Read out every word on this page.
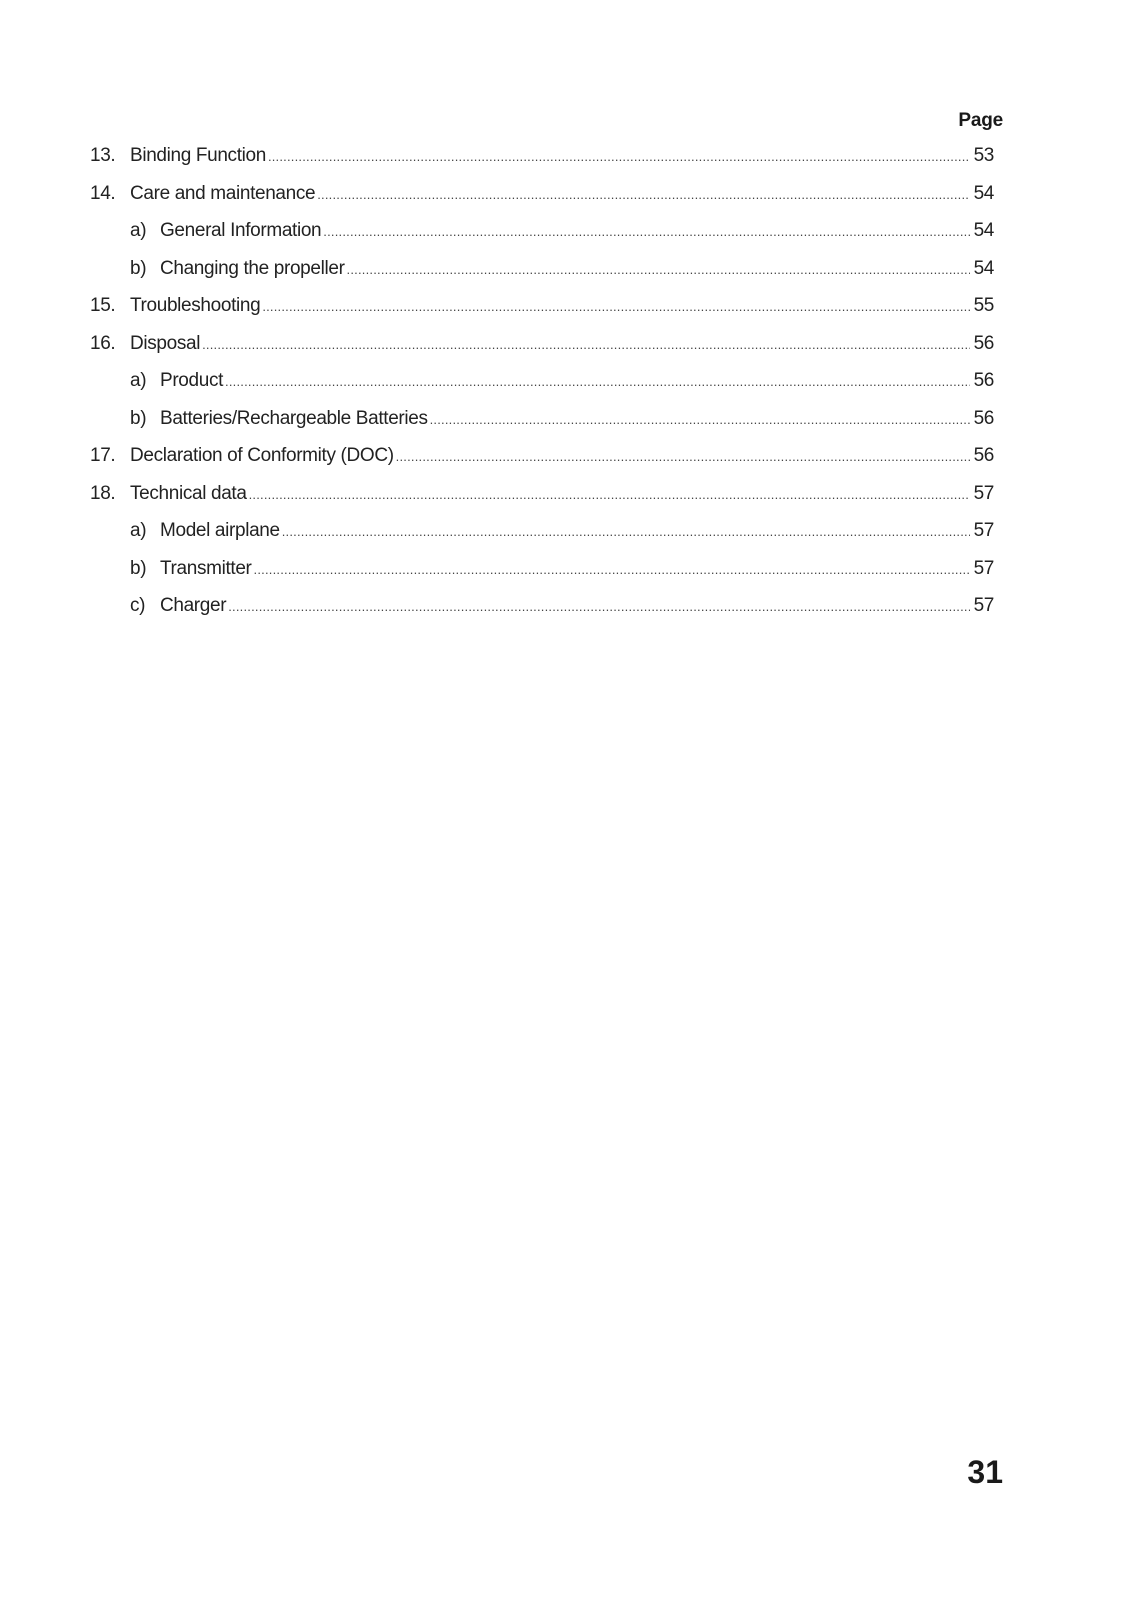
Page
13. Binding Function .....	53
14. Care and maintenance .....	54
a) General Information .....	54
b) Changing the propeller .....	54
15. Troubleshooting .....	55
16. Disposal .....	56
a) Product .....	56
b) Batteries/Rechargeable Batteries .....	56
17. Declaration of Conformity (DOC) .....	56
18. Technical data .....	57
a) Model airplane .....	57
b) Transmitter .....	57
c) Charger .....	57
31
